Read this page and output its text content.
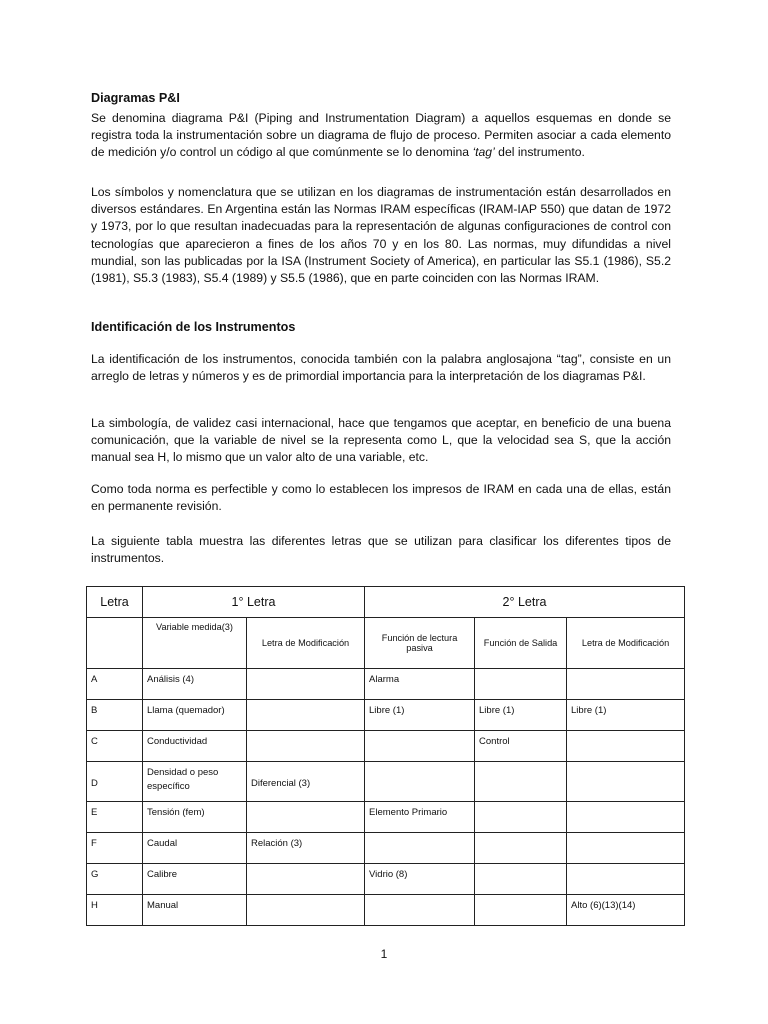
Diagramas P&I

Se denomina diagrama P&I (Piping and Instrumentation Diagram) a aquellos esquemas en donde se registra toda la instrumentación sobre un diagrama de flujo de proceso. Permiten asociar a cada elemento de medición y/o control un código al que comúnmente se lo denomina ‘tag’ del instrumento.

Los símbolos y nomenclatura que se utilizan en los diagramas de instrumentación están desarrollados en diversos estándares. En Argentina están las Normas IRAM específicas (IRAM-IAP 550) que datan de 1972 y 1973, por lo que resultan inadecuadas para la representación de algunas configuraciones de control con tecnologías que aparecieron a fines de los años 70 y en los 80. Las normas, muy difundidas a nivel mundial, son las publicadas por la ISA (Instrument Society of America), en particular las S5.1 (1986), S5.2 (1981), S5.3 (1983), S5.4 (1989) y S5.5 (1986), que en parte coinciden con las Normas IRAM.

Identificación de los Instrumentos

La identificación de los instrumentos, conocida también con la palabra anglosajona “tag”, consiste en un arreglo de letras y números y es de primordial importancia para la interpretación de los diagramas P&I.

La simbología, de validez casi internacional, hace que tengamos que aceptar, en beneficio de una buena comunicación, que la variable de nivel se la representa como L, que la velocidad sea S, que la acción manual sea H, lo mismo que un valor alto de una variable, etc.

Como toda norma es perfectible y como lo establecen los impresos de IRAM en cada una de ellas, están en permanente revisión.

La siguiente tabla muestra las diferentes letras que se utilizan para clasificar los diferentes tipos de instrumentos.

Letra	1° Letra		2° Letra		
	Variable medida(3)	Letra de Modificación	Función de lectura pasiva	Función de Salida	Letra de Modificación
A	Análisis (4)		Alarma		
B	Llama (quemador)		Libre (1)	Libre (1)	Libre (1)
C	Conductividad			Control	
D	Densidad o peso específico	Diferencial (3)			
E	Tensión (fem)		Elemento Primario		
F	Caudal	Relación (3)			
G	Calibre		Vidrio (8)		
H	Manual				Alto (6)(13)(14)
1
